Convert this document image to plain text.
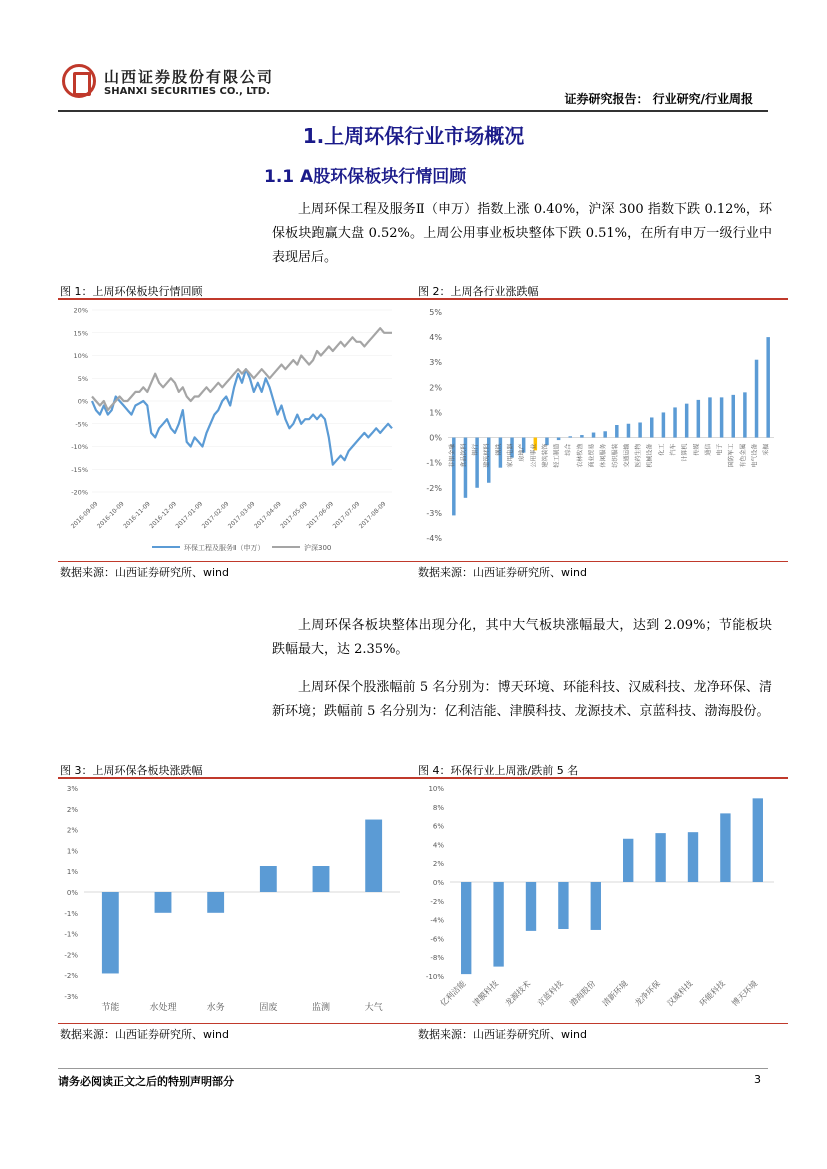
山西证券股份有限公司
SHANXI SECURITIES CO., LTD.
证券研究报告： 行业研究/行业周报
1.上周环保行业市场概况
1.1 A股环保板块行情回顾
上周环保工程及服务Ⅱ（申万）指数上涨 0.40%，沪深 300 指数下跌 0.12%，环保板块跑赢大盘 0.52%。上周公用事业板块整体下跌 0.51%，在所有申万一级行业中表现居后。
图 1：上周环保板块行情回顾	图 2：上周各行业涨跌幅
20%
15%
10%
5%
0%
-5%
-10%
-15%
-20%
2016-09-09
2016-10-09
2016-11-09
2016-12-09
2017-01-09
2017-02-09
2017-03-09
2017-04-09
2017-05-09
2017-06-09
2017-07-09
2017-08-09
环保工程及服务Ⅱ（申万）	沪深300
5%
4%
3%
2%
1%
0%
-1%
-2%
-3%
-4%
非银金融 食品饮料 银行 建筑材料 钢铁 家用电器 房地产 公用事业 建筑装饰 轻工制造 综合 农林牧渔 商业贸易 休闲服务 纺织服装 交通运输 医药生物 机械设备 化工 汽车 计算机 传媒 通信 电子 国防军工 有色金属 电气设备 采掘
数据来源：山西证券研究所、wind	数据来源：山西证券研究所、wind
上周环保各板块整体出现分化，其中大气板块涨幅最大，达到 2.09%；节能板块跌幅最大，达 2.35%。
上周环保个股涨幅前 5 名分别为：博天环境、环能科技、汉威科技、龙净环保、清新环境；跌幅前 5 名分别为：亿利洁能、津膜科技、龙源技术、京蓝科技、渤海股份。
图 3：上周环保各板块涨跌幅	图 4：环保行业上周涨/跌前 5 名
3%
2%
2%
1%
1%
0%
-1%
-1%
-2%
-2%
-3%
节能	水处理	水务	固废	监测	大气
10%
8%
6%
4%
2%
0%
-2%
-4%
-6%
-8%
-10%
亿利洁能 津膜科技 龙源技术 京蓝科技 渤海股份 清新环境 龙净环保 汉威科技 环能科技 博天环境
数据来源：山西证券研究所、wind	数据来源：山西证券研究所、wind
请务必阅读正文之后的特别声明部分	3
